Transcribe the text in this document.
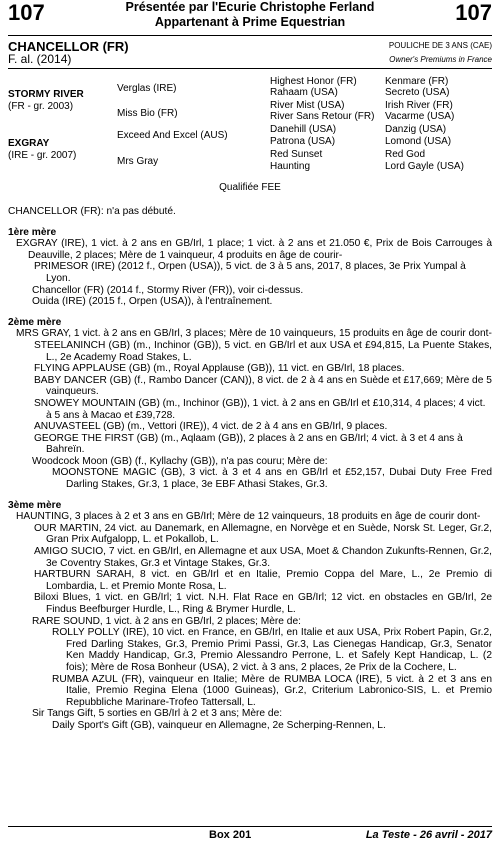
107	107
Présentée par l'Ecurie Christophe Ferland
Appartenant à Prime Equestrian
CHANCELLOR (FR)
F. al. (2014)
POULICHE DE 3 ANS (CAE)
Owner's Premiums in France
STORMY RIVER
(FR - gr. 2003)
EXGRAY
(IRE - gr. 2007)
Verglas (IRE)
Miss Bio (FR)
Exceed And Excel (AUS)
Mrs Gray
Highest Honor (FR)
Rahaam (USA)
River Mist (USA)
River Sans Retour (FR)
Danehill (USA)
Patrona (USA)
Red Sunset
Haunting
Kenmare (FR)
Secreto (USA)
Irish River (FR)
Vacarme (USA)
Danzig (USA)
Lomond (USA)
Red God
Lord Gayle (USA)
Qualifiée FEE

CHANCELLOR (FR): n'a pas débuté.

1ère mère

EXGRAY (IRE), 1 vict. à 2 ans en GB/Irl, 1 place; 1 vict. à 2 ans et 21.050 €, Prix de Bois Carrouges à Deauville, 2 places; Mère de 1 vainqueur, 4 produits en âge de courir-

PRIMESOR (IRE) (2012 f., Orpen (USA)), 5 vict. de 3 à 5 ans, 2017, 8 places, 3e Prix Yumpal à Lyon.

Chancellor (FR) (2014 f., Stormy River (FR)), voir ci-dessus.

Ouida (IRE) (2015 f., Orpen (USA)), à l'entraînement.

2ème mère

MRS GRAY, 1 vict. à 2 ans en GB/Irl, 3 places; Mère de 10 vainqueurs, 15 produits en âge de courir dont-

STEELANINCH (GB) (m., Inchinor (GB)), 5 vict. en GB/Irl et aux USA et £94,815, La Puente Stakes, L., 2e Academy Road Stakes, L.

FLYING APPLAUSE (GB) (m., Royal Applause (GB)), 11 vict. en GB/Irl, 18 places.

BABY DANCER (GB) (f., Rambo Dancer (CAN)), 8 vict. de 2 à 4 ans en Suède et £17,669; Mère de 5 vainqueurs.

SNOWEY MOUNTAIN (GB) (m., Inchinor (GB)), 1 vict. à 2 ans en GB/Irl et £10,314, 4 places; 4 vict. à 5 ans à Macao et £39,728.

ANUVASTEEL (GB) (m., Vettori (IRE)), 4 vict. de 2 à 4 ans en GB/Irl, 9 places.

GEORGE THE FIRST (GB) (m., Aqlaam (GB)), 2 places à 2 ans en GB/Irl; 4 vict. à 3 et 4 ans à Bahreïn.

Woodcock Moon (GB) (f., Kyllachy (GB)), n'a pas couru; Mère de:

MOONSTONE MAGIC (GB), 3 vict. à 3 et 4 ans en GB/Irl et £52,157, Dubai Duty Free Fred Darling Stakes, Gr.3, 1 place, 3e EBF Athasi Stakes, Gr.3.

3ème mère

HAUNTING, 3 places à 2 et 3 ans en GB/Irl; Mère de 12 vainqueurs, 18 produits en âge de courir dont-

OUR MARTIN, 24 vict. au Danemark, en Allemagne, en Norvège et en Suède, Norsk St. Leger, Gr.2, Gran Prix Aufgalopp, L. et Pokallob, L.

AMIGO SUCIO, 7 vict. en GB/Irl, en Allemagne et aux USA, Moet & Chandon Zukunfts-Rennen, Gr.2, 3e Coventry Stakes, Gr.3 et Vintage Stakes, Gr.3.

HARTBURN SARAH, 8 vict. en GB/Irl et en Italie, Premio Coppa del Mare, L., 2e Premio di Lombardia, L. et Premio Monte Rosa, L.

Biloxi Blues, 1 vict. en GB/Irl; 1 vict. N.H. Flat Race en GB/Irl; 12 vict. en obstacles en GB/Irl, 2e Findus Beefburger Hurdle, L., Ring & Brymer Hurdle, L.

RARE SOUND, 1 vict. à 2 ans en GB/Irl, 2 places; Mère de:

ROLLY POLLY (IRE), 10 vict. en France, en GB/Irl, en Italie et aux USA, Prix Robert Papin, Gr.2, Fred Darling Stakes, Gr.3, Premio Primi Passi, Gr.3, Las Cienegas Handicap, Gr.3, Senator Ken Maddy Handicap, Gr.3, Premio Alessandro Perrone, L. et Safely Kept Handicap, L. (2 fois); Mère de Rosa Bonheur (USA), 2 vict. à 3 ans, 2 places, 2e Prix de la Cochere, L.

RUMBA AZUL (FR), vainqueur en Italie; Mère de RUMBA LOCA (IRE), 5 vict. à 2 et 3 ans en Italie, Premio Regina Elena (1000 Guineas), Gr.2, Criterium Labronico-SIS, L. et Premio Repubbliche Marinare-Trofeo Tattersall, L.

Sir Tangs Gift, 5 sorties en GB/Irl à 2 et 3 ans; Mère de:

Daily Sport's Gift (GB), vainqueur en Allemagne, 2e Scherping-Rennen, L.

Box 201	La Teste - 26 avril - 2017
